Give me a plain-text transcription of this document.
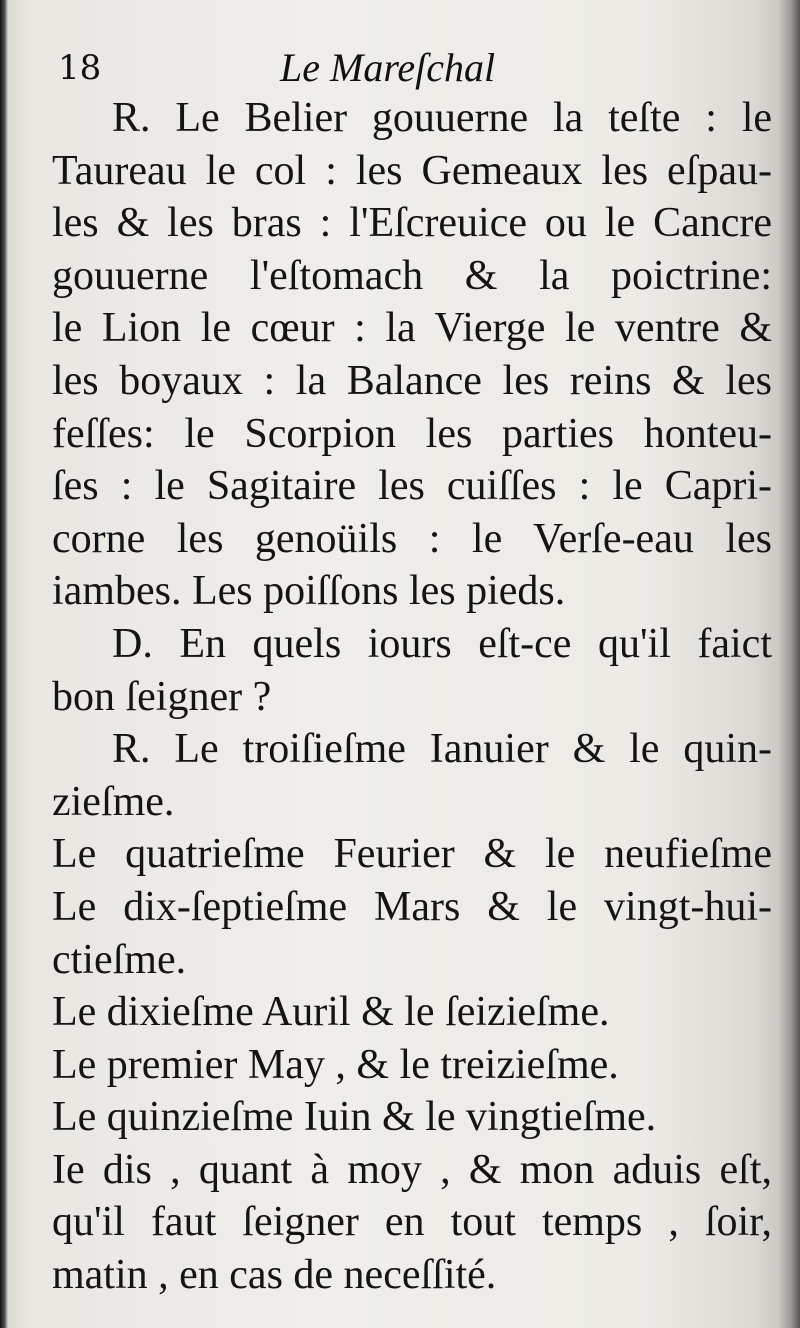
18	Le Mareſchal
R. Le Belier gouuerne la teſte : le
Taureau le col : les Gemeaux les eſpau-
les & les bras : l'Eſcreuice ou le Cancre
gouuerne l'eſtomach & la poictrine:
le Lion le cœur : la Vierge le ventre &
les boyaux : la Balance les reins & les
feſſes: le Scorpion les parties honteu-
ſes : le Sagitaire les cuiſſes : le Capri-
corne les genoüils : le Verſe-eau les
iambes. Les poiſſons les pieds.
D. En quels iours eſt-ce qu'il faict
bon ſeigner ?
R. Le troiſieſme Ianuier & le quin-
zieſme.
Le quatrieſme Feurier & le neufieſme
Le dix-ſeptieſme Mars & le vingt-hui-
ctieſme.
Le dixieſme Auril & le ſeizieſme.
Le premier May , & le treizieſme.
Le quinzieſme Iuin & le vingtieſme.
Ie dis , quant à moy , & mon aduis eſt,
qu'il faut ſeigner en tout temps , ſoir,
matin , en cas de neceſſité.
